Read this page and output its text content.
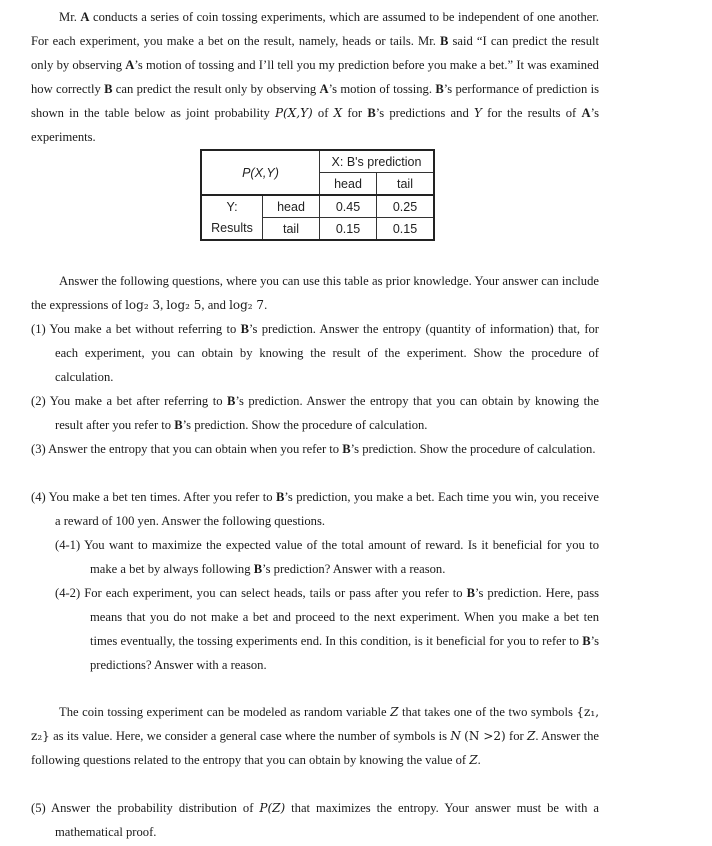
Mr. A conducts a series of coin tossing experiments, which are assumed to be independent of one another. For each experiment, you make a bet on the result, namely, heads or tails. Mr. B said “I can predict the result only by observing A’s motion of tossing and I’ll tell you my prediction before you make a bet.” It was examined how correctly B can predict the result only by observing A’s motion of tossing. B’s performance of prediction is shown in the table below as joint probability P(X,Y) of X for B’s predictions and Y for the results of A’s experiments.

P(X,Y)		X: B's prediction	
		head	tail
Y:	head	0.45	0.25
Results	tail	0.15	0.15

Answer the following questions, where you can use this table as prior knowledge. Your answer can include the expressions of log₂ 3, log₂ 5, and log₂ 7.

(1) You make a bet without referring to B’s prediction. Answer the entropy (quantity of information) that, for each experiment, you can obtain by knowing the result of the experiment. Show the procedure of calculation.

(2) You make a bet after referring to B’s prediction. Answer the entropy that you can obtain by knowing the result after you refer to B’s prediction. Show the procedure of calculation.

(3) Answer the entropy that you can obtain when you refer to B’s prediction. Show the procedure of calculation.

(4) You make a bet ten times. After you refer to B’s prediction, you make a bet. Each time you win, you receive a reward of 100 yen. Answer the following questions.

(4-1) You want to maximize the expected value of the total amount of reward. Is it beneficial for you to make a bet by always following B’s prediction? Answer with a reason.

(4-2) For each experiment, you can select heads, tails or pass after you refer to B’s prediction. Here, pass means that you do not make a bet and proceed to the next experiment. When you make a bet ten times eventually, the tossing experiments end. In this condition, is it beneficial for you to refer to B’s predictions? Answer with a reason.

The coin tossing experiment can be modeled as random variable Z that takes one of the two symbols {z₁, z₂} as its value. Here, we consider a general case where the number of symbols is N (N >2) for Z. Answer the following questions related to the entropy that you can obtain by knowing the value of Z.

(5) Answer the probability distribution of P(Z) that maximizes the entropy. Your answer must be with a mathematical proof.
